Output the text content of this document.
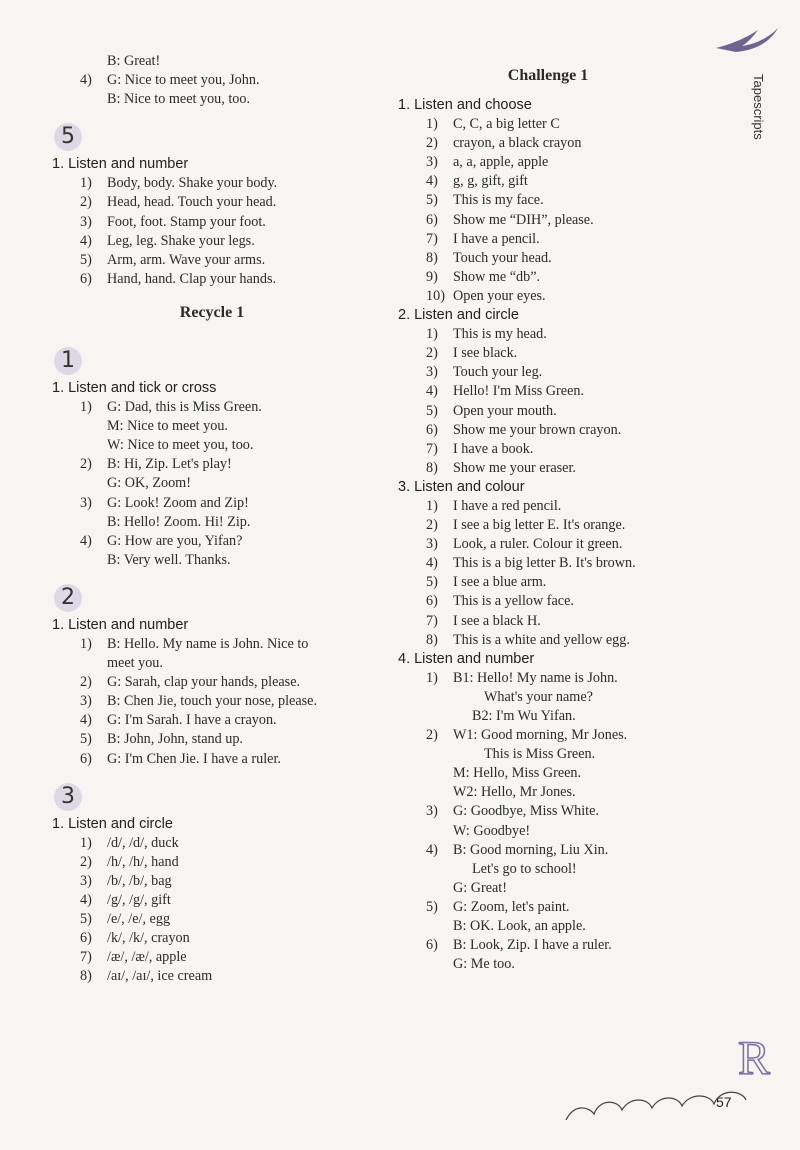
B: Great!
4) G: Nice to meet you, John.
B: Nice to meet you, too.
5
1. Listen and number
1) Body, body. Shake your body.
2) Head, head. Touch your head.
3) Foot, foot. Stamp your foot.
4) Leg, leg. Shake your legs.
5) Arm, arm. Wave your arms.
6) Hand, hand. Clap your hands.
Recycle 1
1
1. Listen and tick or cross
1) G: Dad, this is Miss Green.
M: Nice to meet you.
W: Nice to meet you, too.
2) B: Hi, Zip. Let's play!
G: OK, Zoom!
3) G: Look! Zoom and Zip!
B: Hello! Zoom. Hi! Zip.
4) G: How are you, Yifan?
B: Very well. Thanks.
2
1. Listen and number
1) B: Hello. My name is John. Nice to
meet you.
2) G: Sarah, clap your hands, please.
3) B: Chen Jie, touch your nose, please.
4) G: I'm Sarah. I have a crayon.
5) B: John, John, stand up.
6) G: I'm Chen Jie. I have a ruler.
3
1. Listen and circle
1) /d/, /d/, duck
2) /h/, /h/, hand
3) /b/, /b/, bag
4) /g/, /g/, gift
5) /e/, /e/, egg
6) /k/, /k/, crayon
7) /æ/, /æ/, apple
8) /aɪ/, /aɪ/, ice cream
Challenge 1
1. Listen and choose
1) C, C, a big letter C
2) crayon, a black crayon
3) a, a, apple, apple
4) g, g, gift, gift
5) This is my face.
6) Show me “DIH”, please.
7) I have a pencil.
8) Touch your head.
9) Show me “db”.
10) Open your eyes.
2. Listen and circle
1) This is my head.
2) I see black.
3) Touch your leg.
4) Hello! I'm Miss Green.
5) Open your mouth.
6) Show me your brown crayon.
7) I have a book.
8) Show me your eraser.
3. Listen and colour
1) I have a red pencil.
2) I see a big letter E. It's orange.
3) Look, a ruler. Colour it green.
4) This is a big letter B. It's brown.
5) I see a blue arm.
6) This is a yellow face.
7) I see a black H.
8) This is a white and yellow egg.
4. Listen and number
1) B1: Hello! My name is John.
What's your name?
B2: I'm Wu Yifan.
2) W1: Good morning, Mr Jones.
This is Miss Green.
M: Hello, Miss Green.
W2: Hello, Mr Jones.
3) G: Goodbye, Miss White.
W: Goodbye!
4) B: Good morning, Liu Xin.
Let's go to school!
G: Great!
5) G: Zoom, let's paint.
B: OK. Look, an apple.
6) B: Look, Zip. I have a ruler.
G: Me too.
Tapescripts
57
R
